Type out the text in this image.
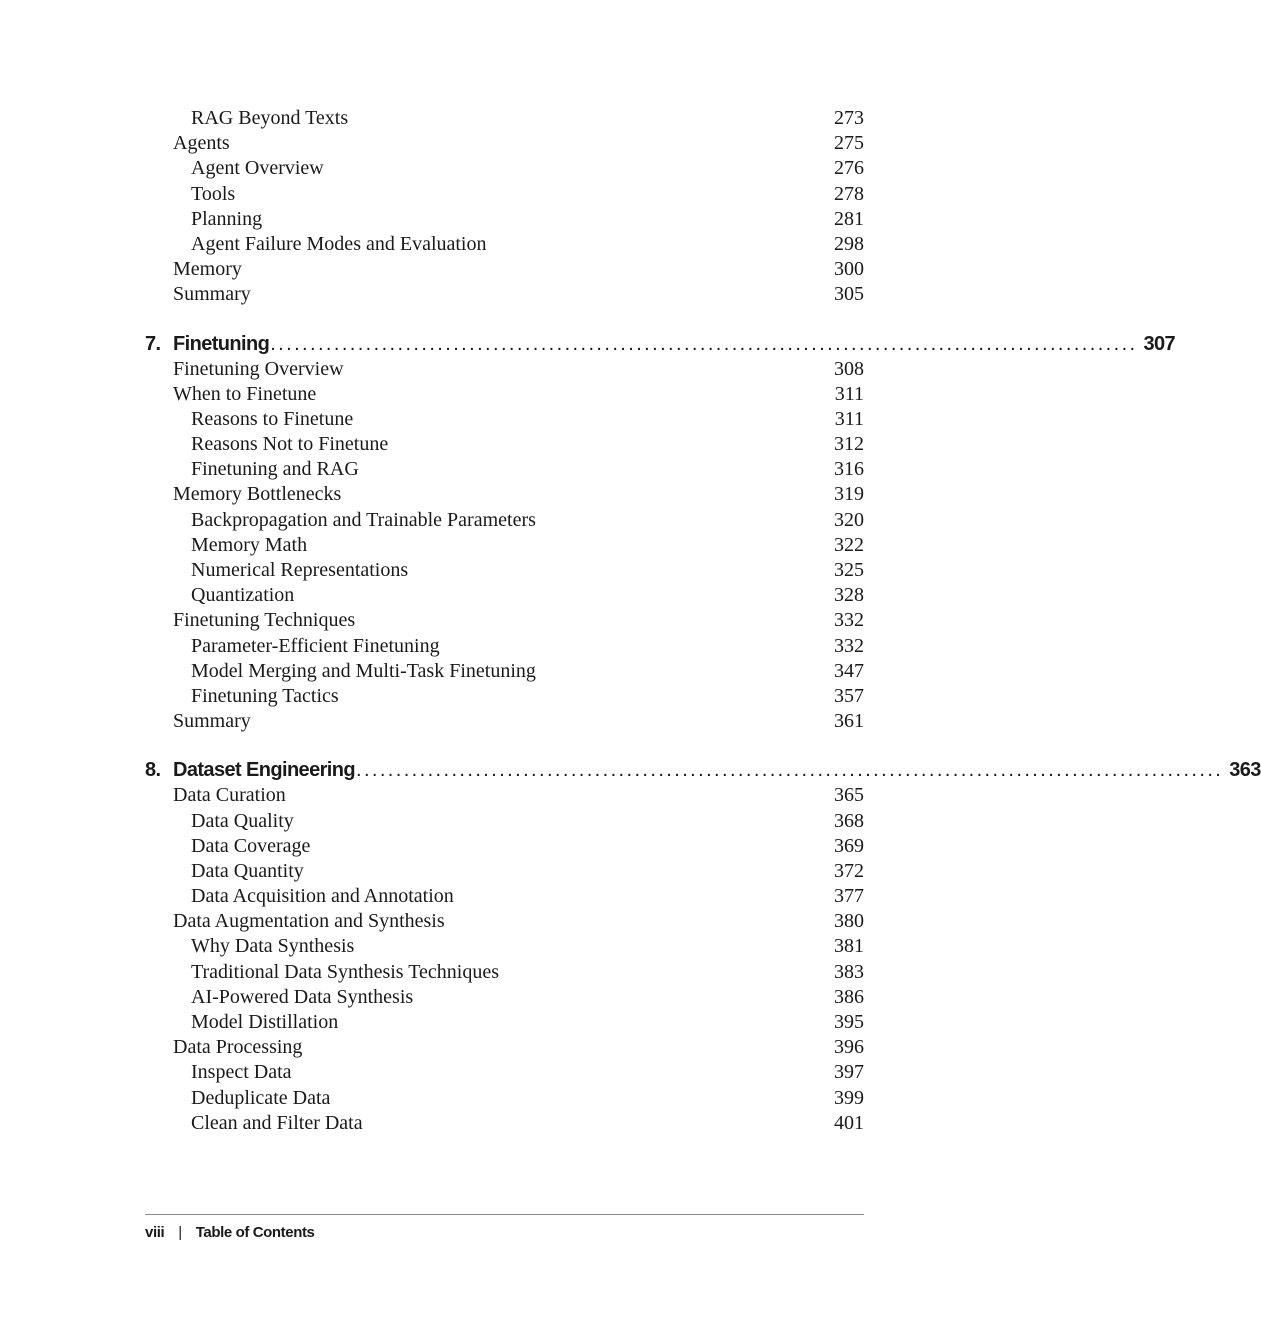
RAG Beyond Texts	273
Agents	275
Agent Overview	276
Tools	278
Planning	281
Agent Failure Modes and Evaluation	298
Memory	300
Summary	305
7. Finetuning ............................................................................................................. 307
Finetuning Overview	308
When to Finetune	311
Reasons to Finetune	311
Reasons Not to Finetune	312
Finetuning and RAG	316
Memory Bottlenecks	319
Backpropagation and Trainable Parameters	320
Memory Math	322
Numerical Representations	325
Quantization	328
Finetuning Techniques	332
Parameter-Efficient Finetuning	332
Model Merging and Multi-Task Finetuning	347
Finetuning Tactics	357
Summary	361
8. Dataset Engineering ............................................................................................................. 363
Data Curation	365
Data Quality	368
Data Coverage	369
Data Quantity	372
Data Acquisition and Annotation	377
Data Augmentation and Synthesis	380
Why Data Synthesis	381
Traditional Data Synthesis Techniques	383
AI-Powered Data Synthesis	386
Model Distillation	395
Data Processing	396
Inspect Data	397
Deduplicate Data	399
Clean and Filter Data	401
viii | Table of Contents
